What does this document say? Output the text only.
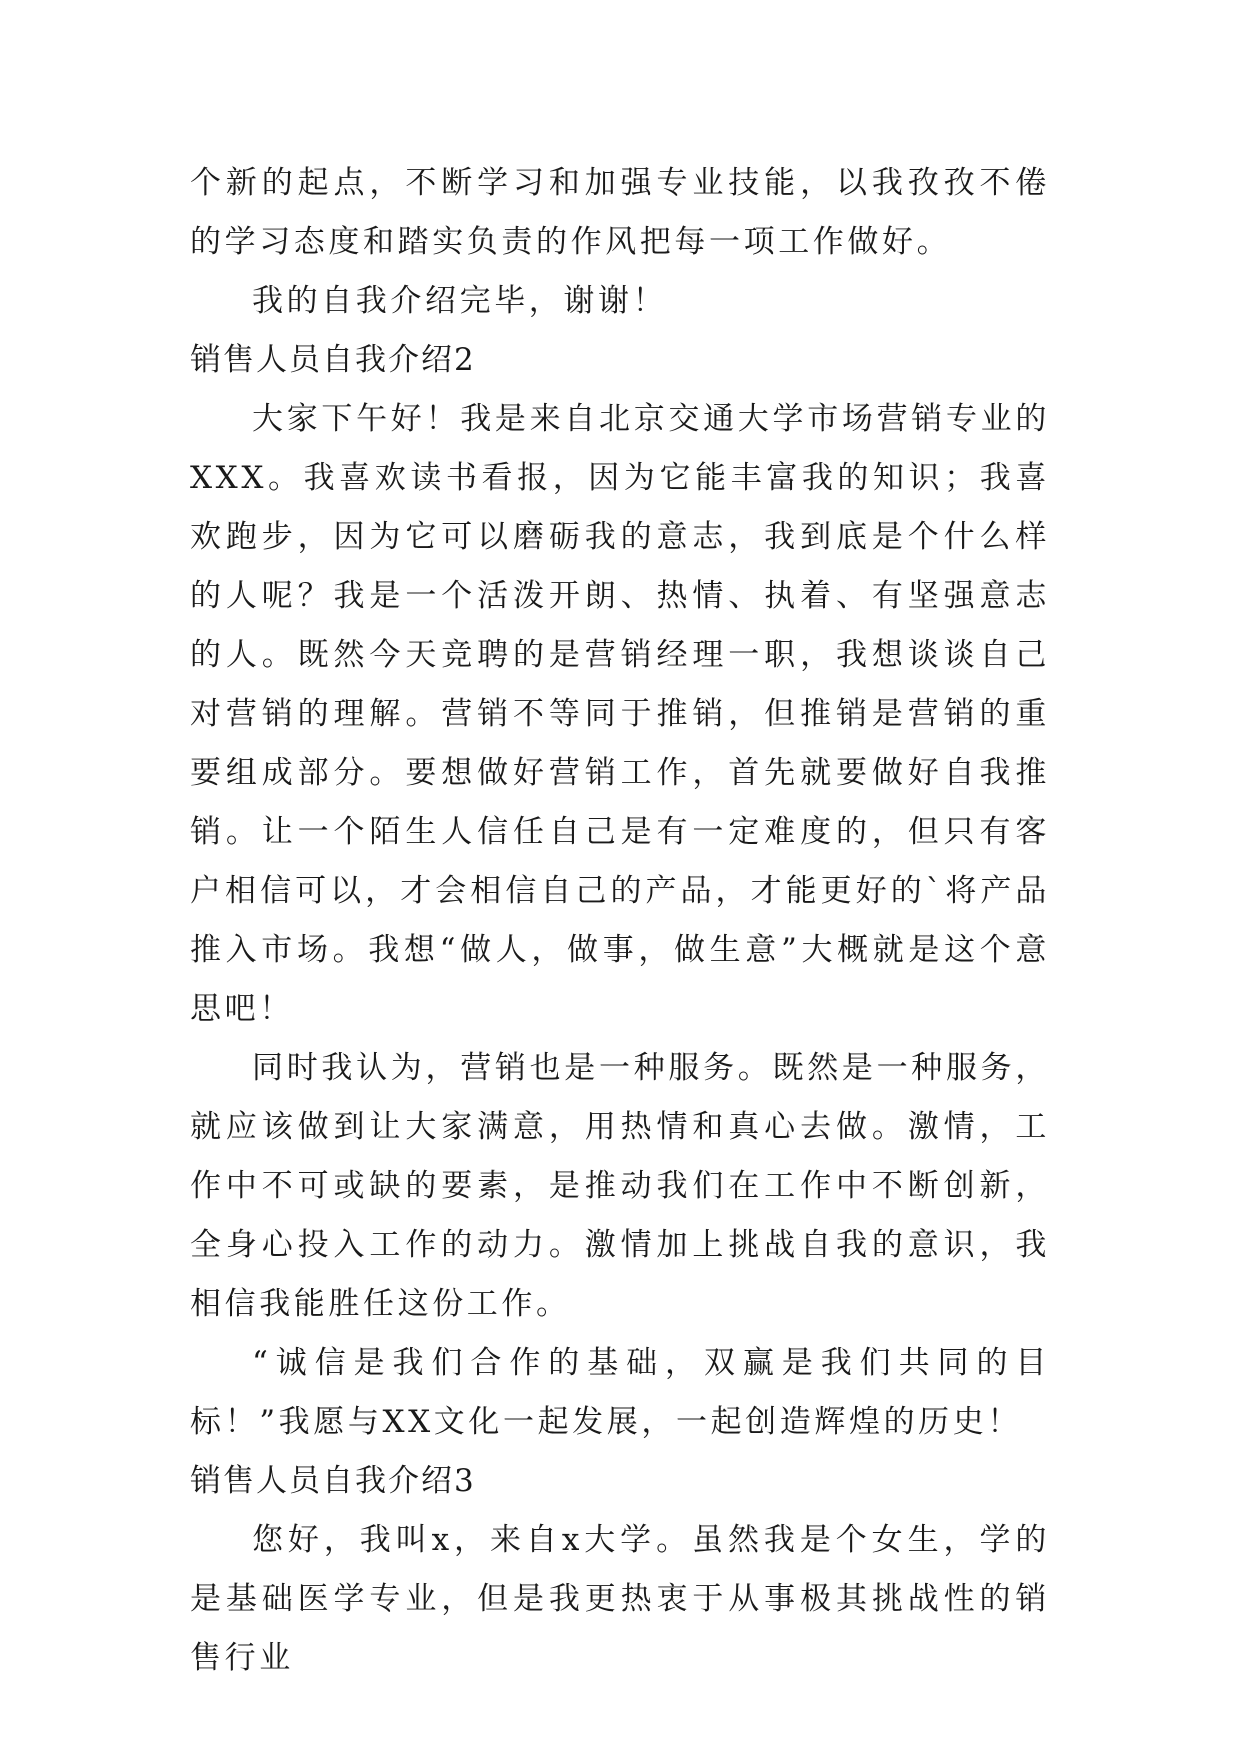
个新的起点，不断学习和加强专业技能，以我孜孜不倦的学习态度和踏实负责的作风把每一项工作做好。

我的自我介绍完毕，谢谢！

销售人员自我介绍2

大家下午好！我是来自北京交通大学市场营销专业的XXX。我喜欢读书看报，因为它能丰富我的知识；我喜欢跑步，因为它可以磨砺我的意志，我到底是个什么样的人呢？我是一个活泼开朗、热情、执着、有坚强意志的人。既然今天竞聘的是营销经理一职，我想谈谈自己对营销的理解。营销不等同于推销，但推销是营销的重要组成部分。要想做好营销工作，首先就要做好自我推销。让一个陌生人信任自己是有一定难度的，但只有客户相信可以，才会相信自己的产品，才能更好的`将产品推入市场。我想“做人，做事，做生意”大概就是这个意思吧！

同时我认为，营销也是一种服务。既然是一种服务，就应该做到让大家满意，用热情和真心去做。激情，工作中不可或缺的要素，是推动我们在工作中不断创新，全身心投入工作的动力。激情加上挑战自我的意识，我相信我能胜任这份工作。

“诚信是我们合作的基础，双赢是我们共同的目标！”我愿与XX文化一起发展，一起创造辉煌的历史！

销售人员自我介绍3

您好，我叫x，来自x大学。虽然我是个女生，学的是基础医学专业，但是我更热衷于从事极其挑战性的销售行业
